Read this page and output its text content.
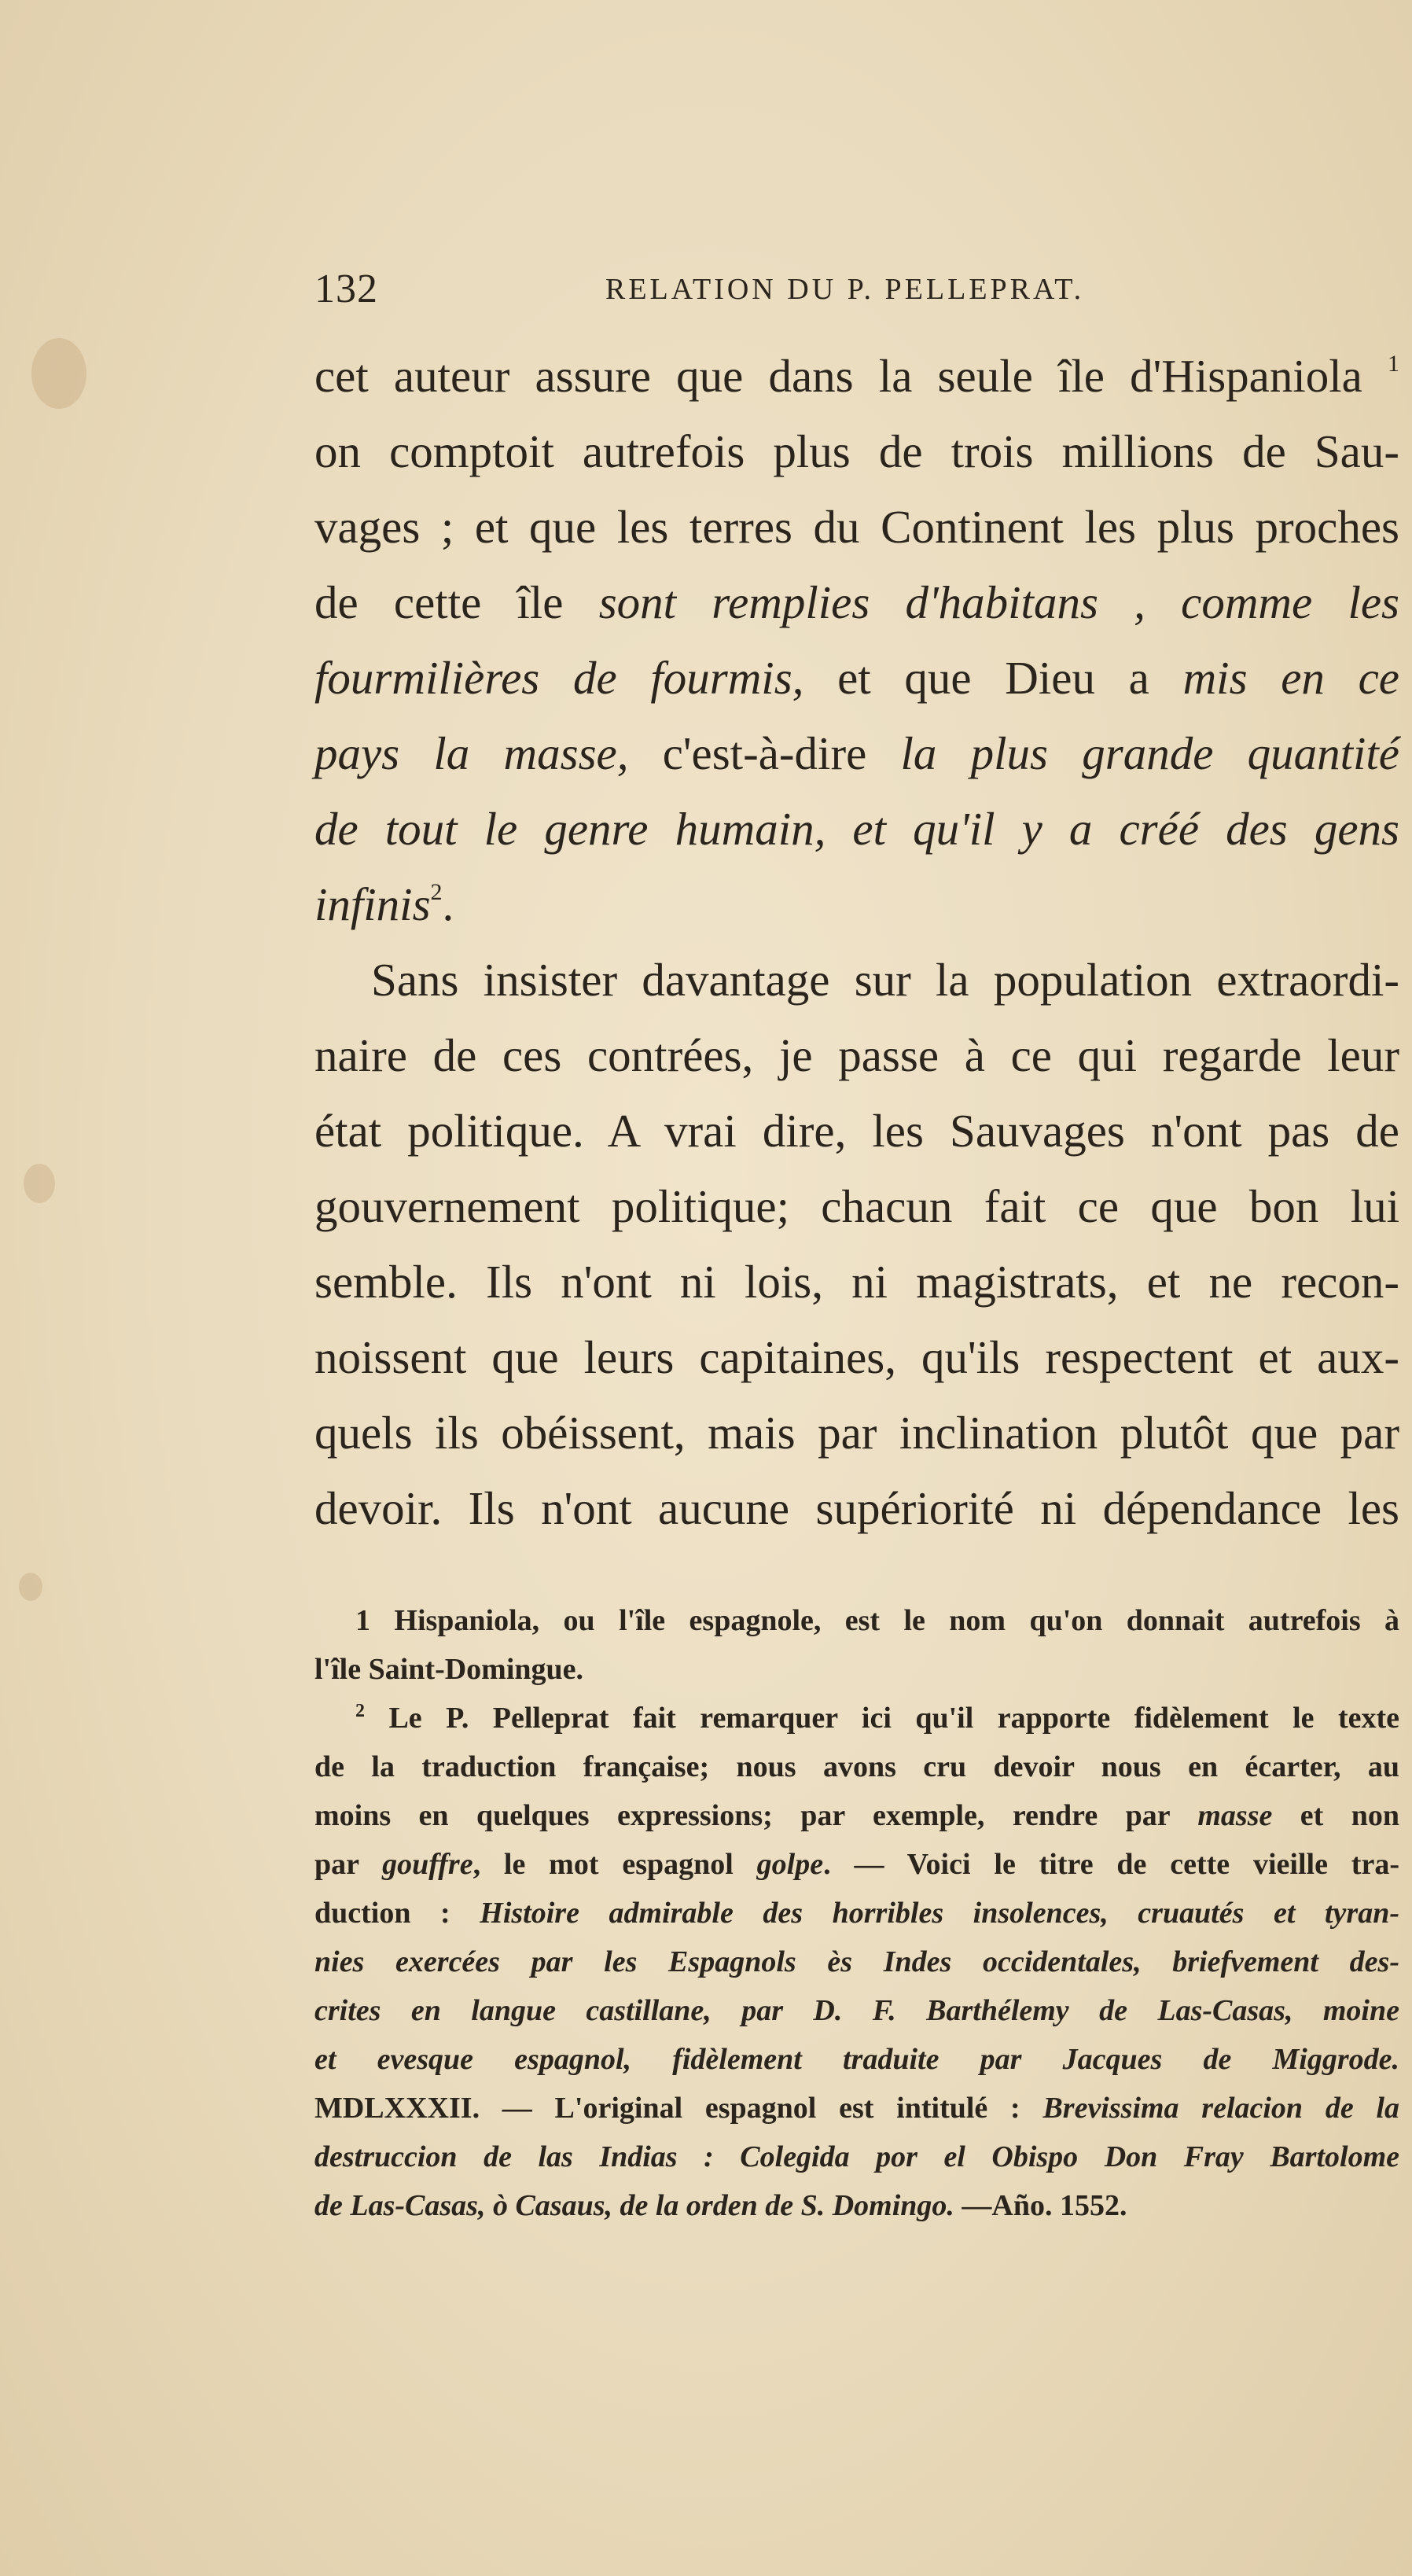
132	RELATION DU P. PELLEPRAT.
cet auteur assure que dans la seule île d'Hispaniola $^1$
on comptoit autrefois plus de trois millions de Sau-
vages ; et que les terres du Continent les plus proches
de cette île sont remplies d'habitans , comme les
fourmilières de fourmis, et que Dieu a mis en ce
pays la masse, c'est-à-dire la plus grande quantité
de tout le genre humain, et qu'il y a créé des gens
infinis$^2$.
Sans insister davantage sur la population extraordi-
naire de ces contrées, je passe à ce qui regarde leur
état politique. A vrai dire, les Sauvages n'ont pas de
gouvernement politique; chacun fait ce que bon lui
semble. Ils n'ont ni lois, ni magistrats, et ne recon-
noissent que leurs capitaines, qu'ils respectent et aux-
quels ils obéissent, mais par inclination plutôt que par
devoir. Ils n'ont aucune supériorité ni dépendance les
1 Hispaniola, ou l'île espagnole, est le nom qu'on donnait autrefois à
l'île Saint-Domingue.
$^2$ Le P. Pelleprat fait remarquer ici qu'il rapporte fidèlement le texte
de la traduction française; nous avons cru devoir nous en écarter, au
moins en quelques expressions; par exemple, rendre par masse et non
par gouffre, le mot espagnol golpe. — Voici le titre de cette vieille tra-
duction : Histoire admirable des horribles insolences, cruautés et tyran-
nies exercées par les Espagnols ès Indes occidentales, briefvement des-
crites en langue castillane, par D. F. Barthélemy de Las-Casas, moine
et evesque espagnol, fidèlement traduite par Jacques de Miggrode.
MDLXXXII. — L'original espagnol est intitulé : Brevissima relacion de la
destruccion de las Indias : Colegida por el Obispo Don Fray Bartolome
de Las-Casas, ò Casaus, de la orden de S. Domingo. —Año. 1552.
